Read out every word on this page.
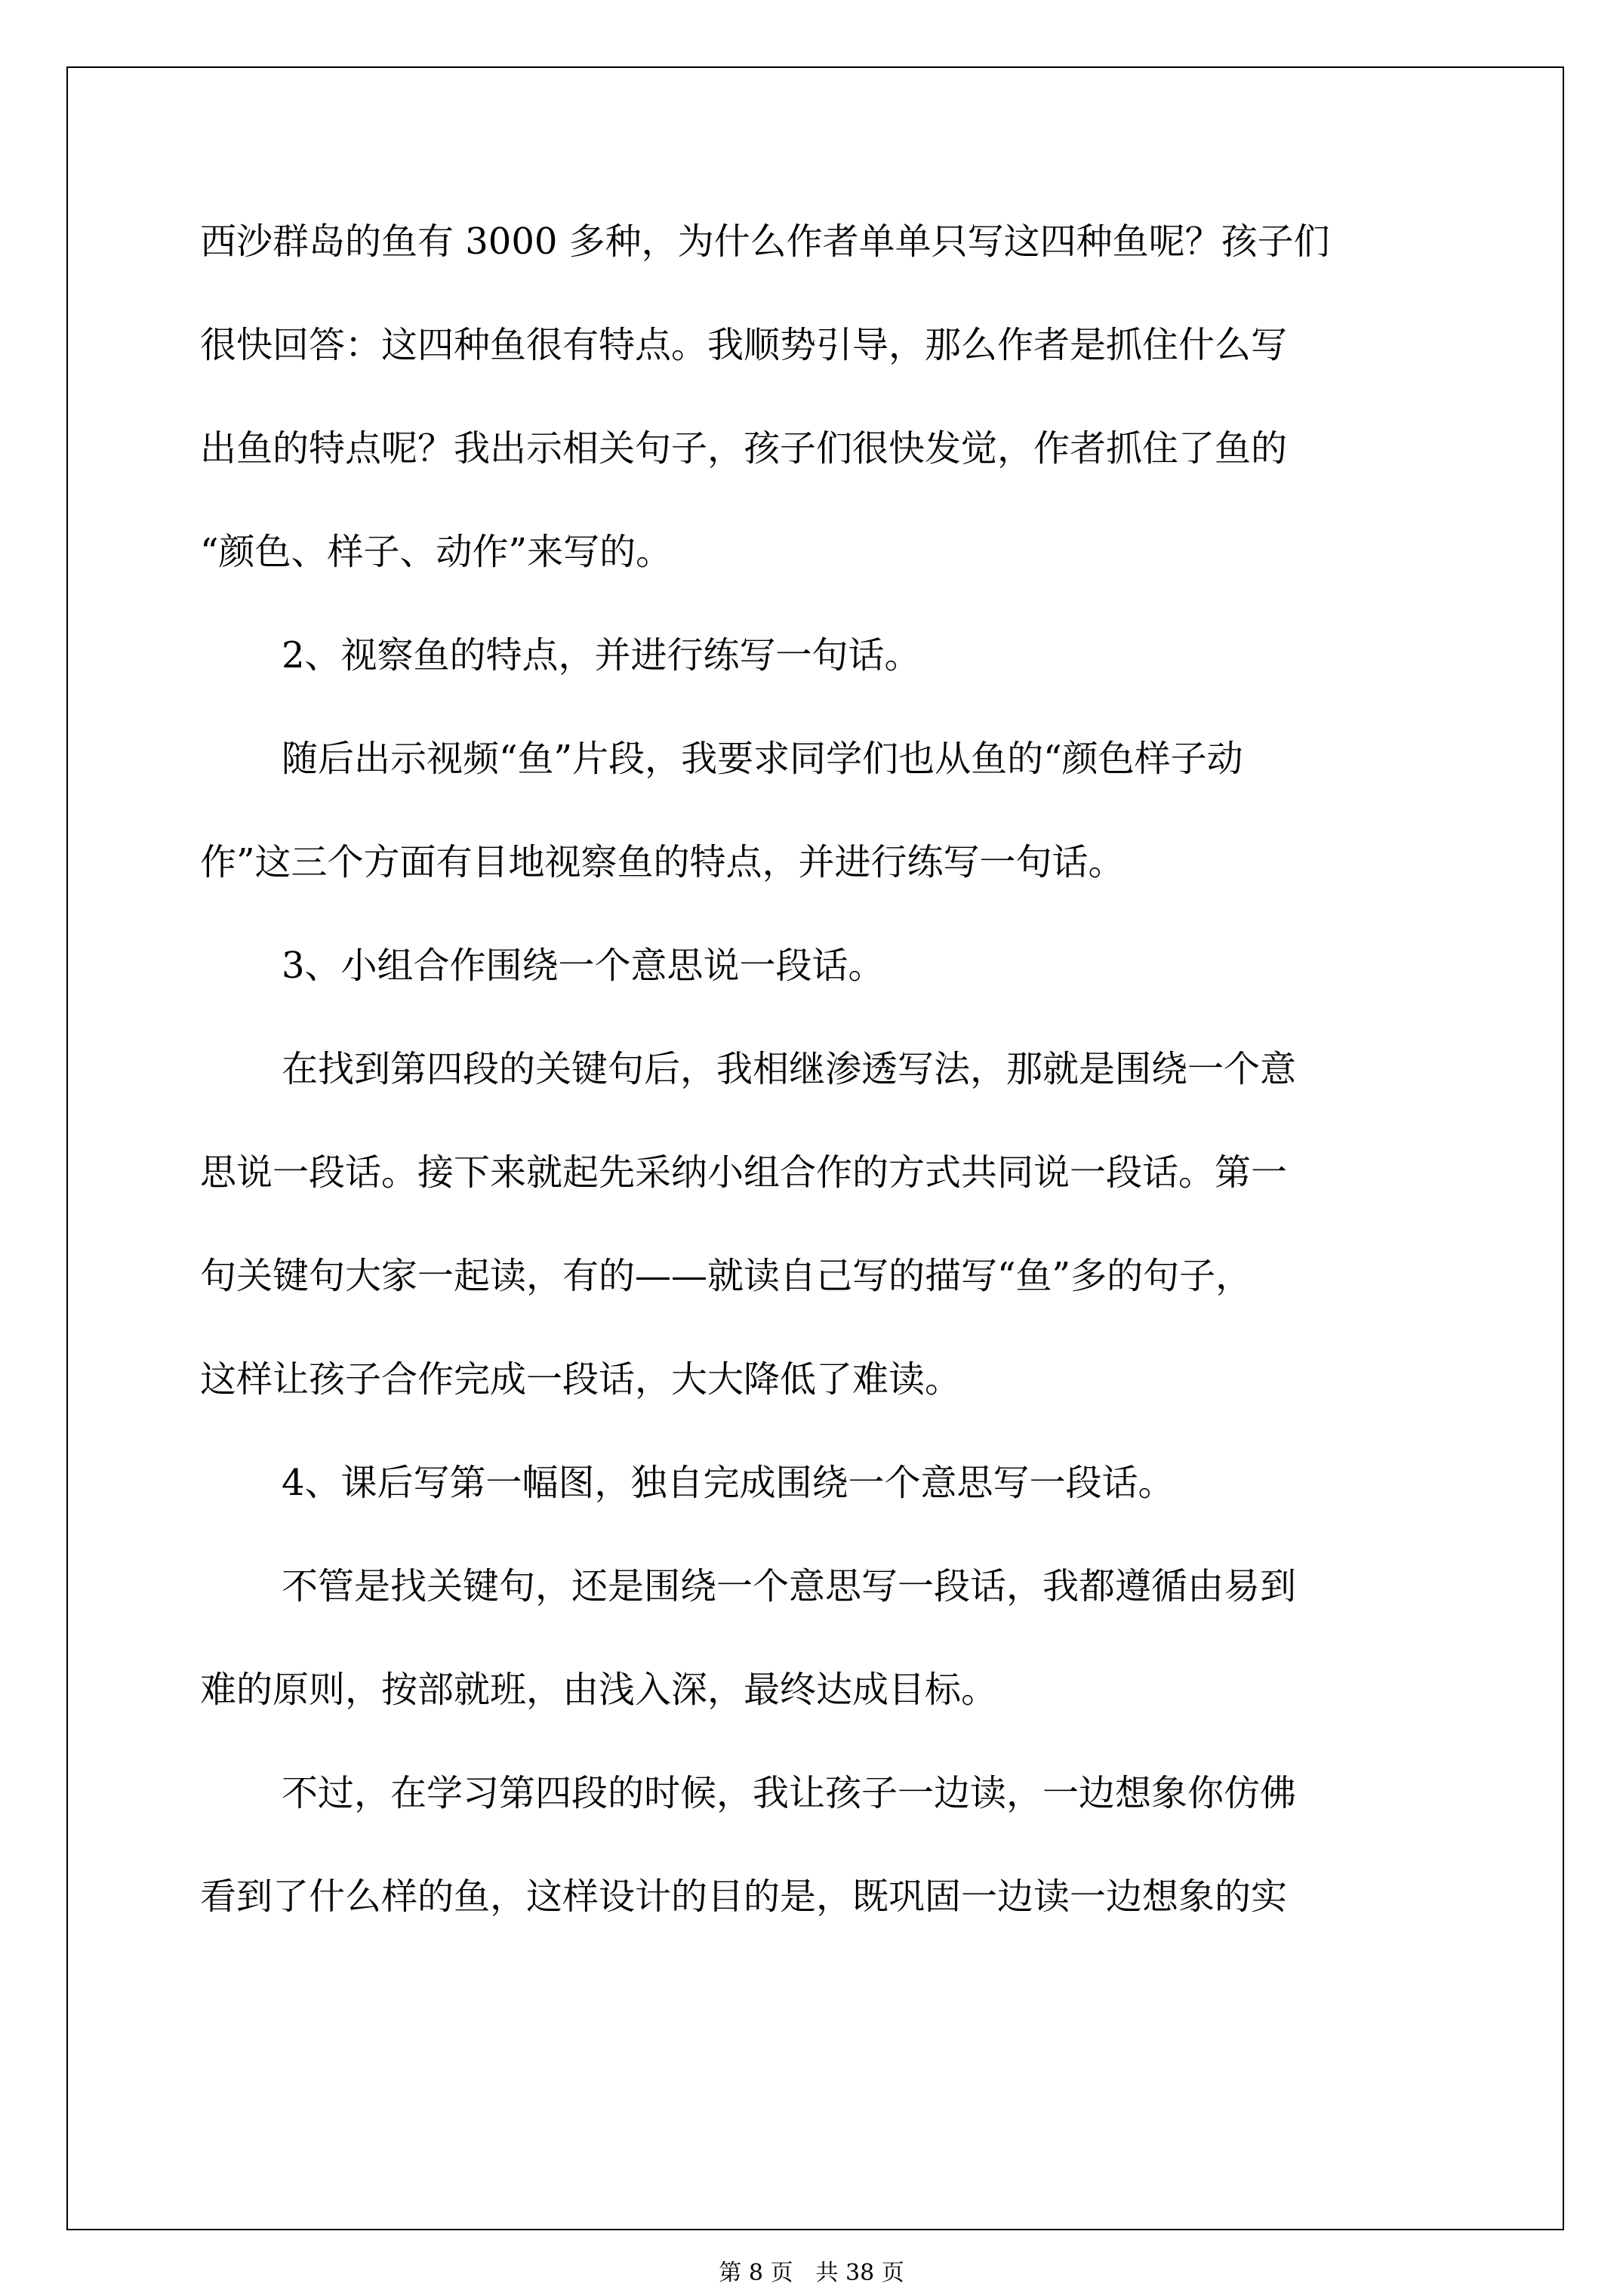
西沙群岛的鱼有 3000 多种，为什么作者单单只写这四种鱼呢？孩子们
很快回答：这四种鱼很有特点。我顺势引导，那么作者是抓住什么写
出鱼的特点呢？我出示相关句子，孩子们很快发觉，作者抓住了鱼的
“颜色、样子、动作”来写的。
2、视察鱼的特点，并进行练写一句话。
随后出示视频“鱼”片段，我要求同学们也从鱼的“颜色样子动
作”这三个方面有目地视察鱼的特点，并进行练写一句话。
3、小组合作围绕一个意思说一段话。
在找到第四段的关键句后，我相继渗透写法，那就是围绕一个意
思说一段话。接下来就起先采纳小组合作的方式共同说一段话。第一
句关键句大家一起读，有的——就读自己写的描写“鱼”多的句子，
这样让孩子合作完成一段话，大大降低了难读。
4、课后写第一幅图，独自完成围绕一个意思写一段话。
不管是找关键句，还是围绕一个意思写一段话，我都遵循由易到
难的原则，按部就班，由浅入深，最终达成目标。
不过，在学习第四段的时候，我让孩子一边读，一边想象你仿佛
看到了什么样的鱼，这样设计的目的是，既巩固一边读一边想象的实
第 8 页　共 38 页
